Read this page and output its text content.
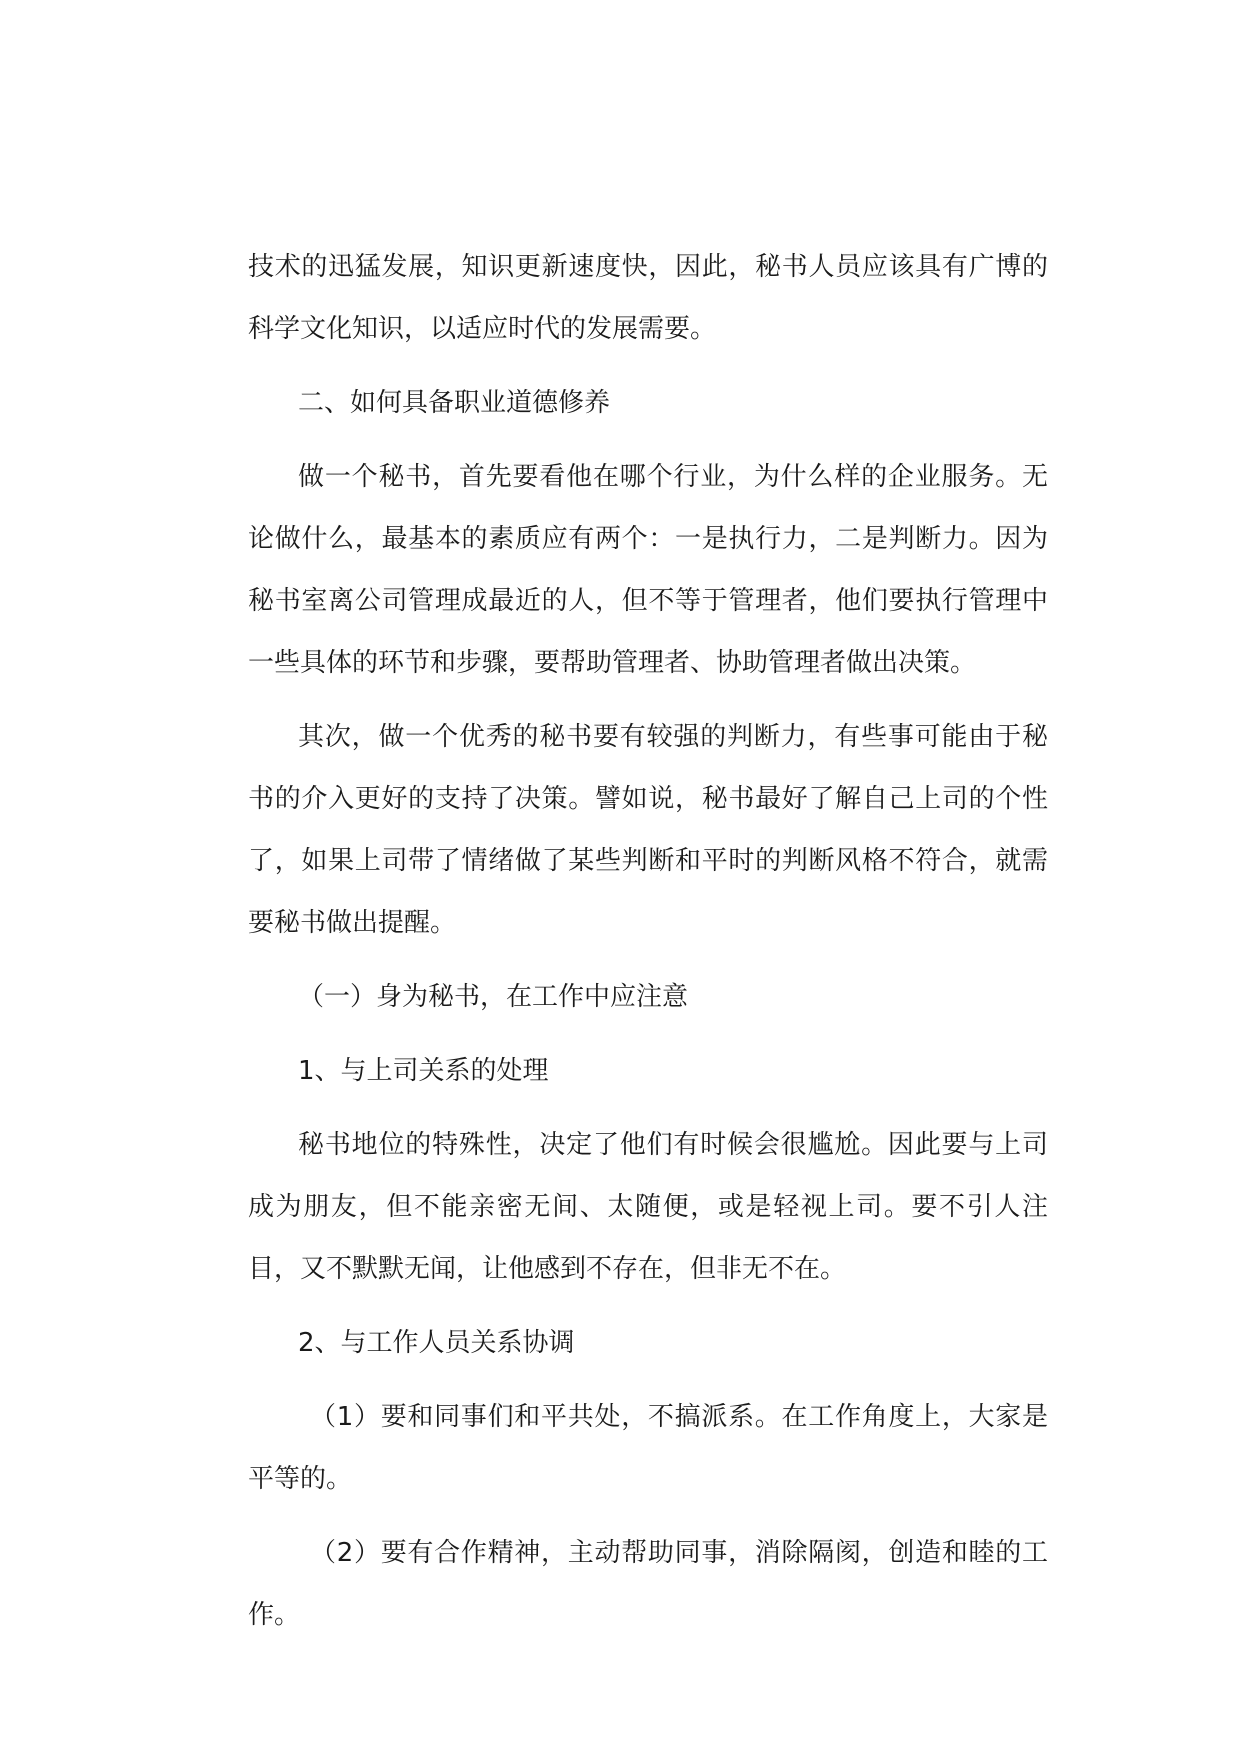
技术的迅猛发展，知识更新速度快，因此，秘书人员应该具有广博的科学文化知识，以适应时代的发展需要。

二、如何具备职业道德修养

做一个秘书，首先要看他在哪个行业，为什么样的企业服务。无论做什么，最基本的素质应有两个：一是执行力，二是判断力。因为秘书室离公司管理成最近的人，但不等于管理者，他们要执行管理中一些具体的环节和步骤，要帮助管理者、协助管理者做出决策。

其次，做一个优秀的秘书要有较强的判断力，有些事可能由于秘书的介入更好的支持了决策。譬如说，秘书最好了解自己上司的个性了，如果上司带了情绪做了某些判断和平时的判断风格不符合，就需要秘书做出提醒。

（一）身为秘书，在工作中应注意

1、与上司关系的处理

秘书地位的特殊性，决定了他们有时候会很尴尬。因此要与上司成为朋友，但不能亲密无间、太随便，或是轻视上司。要不引人注目，又不默默无闻，让他感到不存在，但非无不在。

2、与工作人员关系协调

（1）要和同事们和平共处，不搞派系。在工作角度上，大家是平等的。

（2）要有合作精神，主动帮助同事，消除隔阂，创造和睦的工作。
